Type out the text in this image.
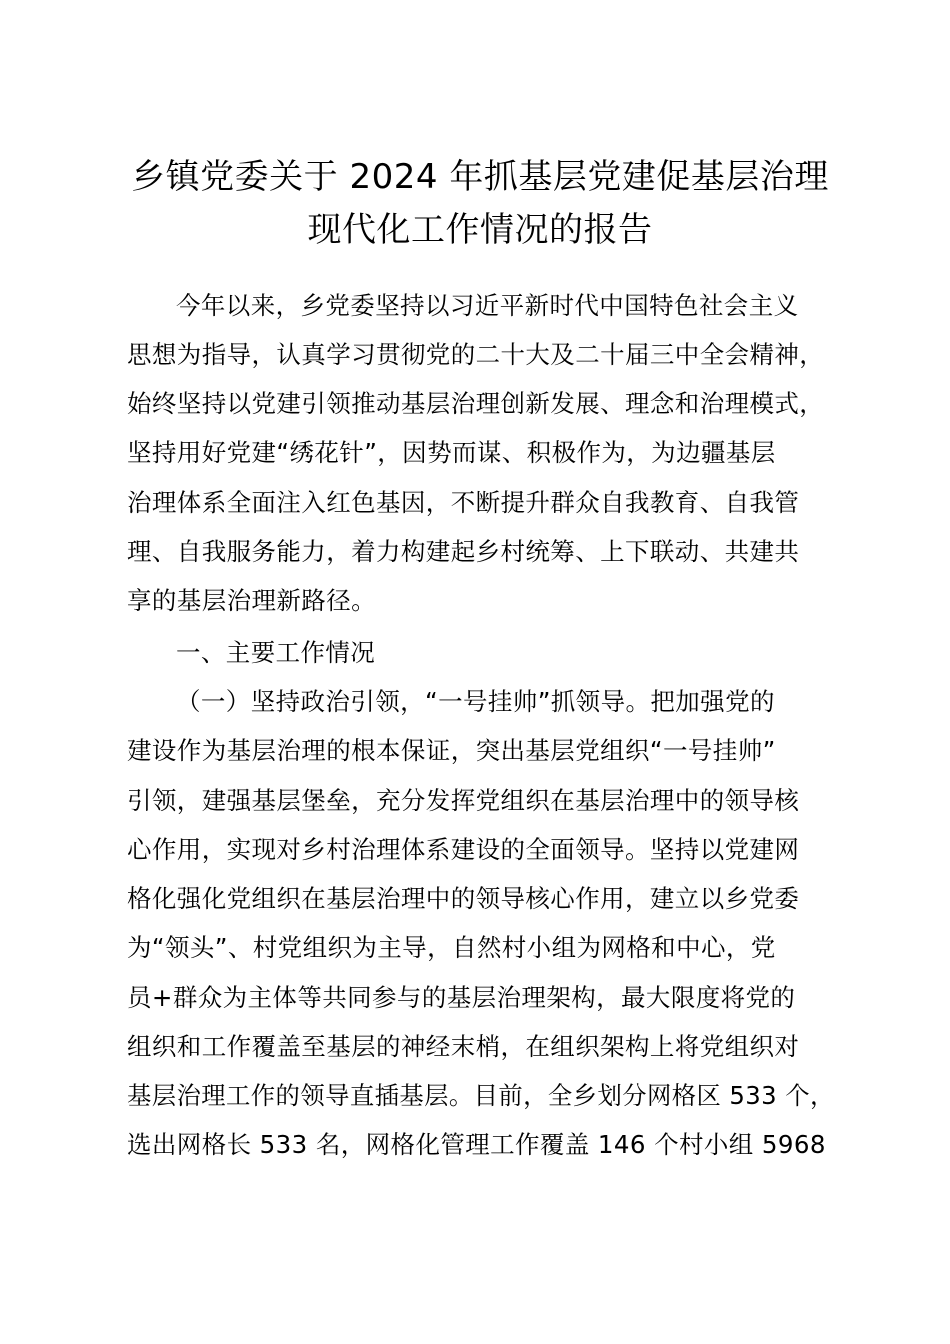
乡镇党委关于 2024 年抓基层党建促基层治理
现代化工作情况的报告
今年以来，乡党委坚持以习近平新时代中国特色社会主义
思想为指导，认真学习贯彻党的二十大及二十届三中全会精神，
始终坚持以党建引领推动基层治理创新发展、理念和治理模式，
坚持用好党建“绣花针”，因势而谋、积极作为，为边疆基层
治理体系全面注入红色基因，不断提升群众自我教育、自我管
理、自我服务能力，着力构建起乡村统筹、上下联动、共建共
享的基层治理新路径。
一、主要工作情况
（一）坚持政治引领，“一号挂帅”抓领导。把加强党的
建设作为基层治理的根本保证，突出基层党组织“一号挂帅”
引领，建强基层堡垒，充分发挥党组织在基层治理中的领导核
心作用，实现对乡村治理体系建设的全面领导。坚持以党建网
格化强化党组织在基层治理中的领导核心作用，建立以乡党委
为“领头”、村党组织为主导，自然村小组为网格和中心，党
员+群众为主体等共同参与的基层治理架构，最大限度将党的
组织和工作覆盖至基层的神经末梢，在组织架构上将党组织对
基层治理工作的领导直插基层。目前，全乡划分网格区 533 个，
选出网格长 533 名，网格化管理工作覆盖 146 个村小组 5968
